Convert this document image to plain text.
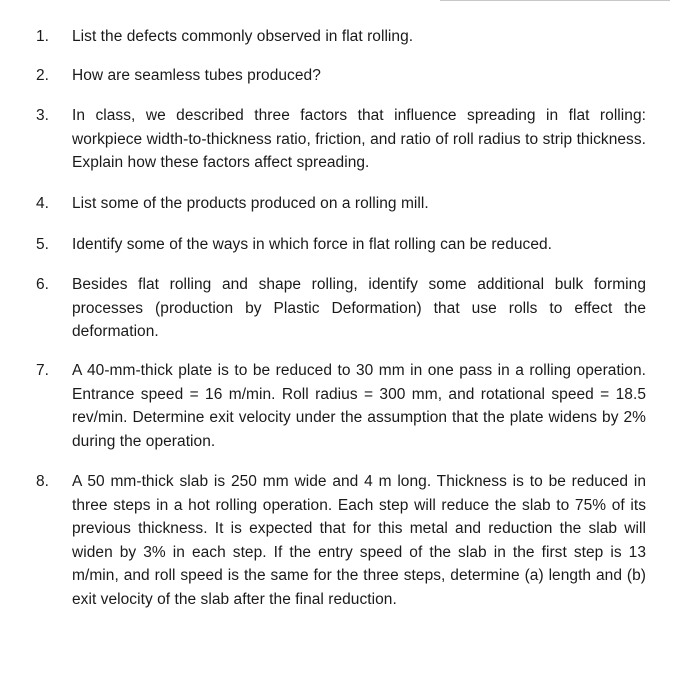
1. List the defects commonly observed in flat rolling.
2. How are seamless tubes produced?
3. In class, we described three factors that influence spreading in flat rolling: workpiece width-to-thickness ratio, friction, and ratio of roll radius to strip thickness. Explain how these factors affect spreading.
4. List some of the products produced on a rolling mill.
5. Identify some of the ways in which force in flat rolling can be reduced.
6. Besides flat rolling and shape rolling, identify some additional bulk forming processes (production by Plastic Deformation) that use rolls to effect the deformation.
7. A 40-mm-thick plate is to be reduced to 30 mm in one pass in a rolling operation. Entrance speed = 16 m/min. Roll radius = 300 mm, and rotational speed = 18.5 rev/min. Determine exit velocity under the assumption that the plate widens by 2% during the operation.
8. A 50 mm-thick slab is 250 mm wide and 4 m long. Thickness is to be reduced in three steps in a hot rolling operation. Each step will reduce the slab to 75% of its previous thickness. It is expected that for this metal and reduction the slab will widen by 3% in each step. If the entry speed of the slab in the first step is 13 m/min, and roll speed is the same for the three steps, determine (a) length and (b) exit velocity of the slab after the final reduction.
